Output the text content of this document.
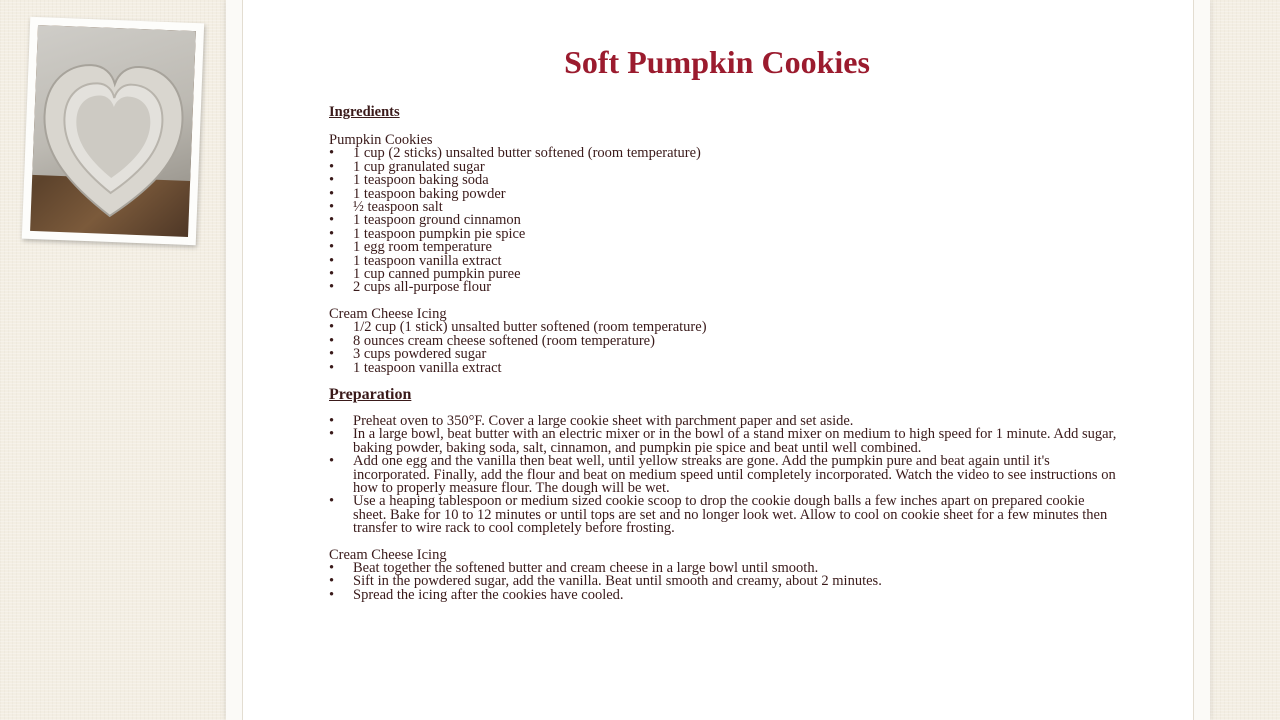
Soft Pumpkin Cookies
Ingredients
Pumpkin Cookies
• 1 cup (2 sticks) unsalted butter softened (room temperature)
• 1 cup granulated sugar
• 1 teaspoon baking soda
• 1 teaspoon baking powder
• ½ teaspoon salt
• 1 teaspoon ground cinnamon
• 1 teaspoon pumpkin pie spice
• 1 egg room temperature
• 1 teaspoon vanilla extract
• 1 cup canned pumpkin puree
• 2 cups all-purpose flour
Cream Cheese Icing
• 1/2 cup (1 stick) unsalted butter softened (room temperature)
• 8 ounces cream cheese softened (room temperature)
• 3 cups powdered sugar
• 1 teaspoon vanilla extract
Preparation
• Preheat oven to 350°F. Cover a large cookie sheet with parchment paper and set aside.
• In a large bowl, beat butter with an electric mixer or in the bowl of a stand mixer on medium to high speed for 1 minute. Add sugar, baking powder, baking soda, salt, cinnamon, and pumpkin pie spice and beat until well combined.
• Add one egg and the vanilla then beat well, until yellow streaks are gone. Add the pumpkin pure and beat again until it's incorporated. Finally, add the flour and beat on medium speed until completely incorporated. Watch the video to see instructions on how to properly measure flour. The dough will be wet.
• Use a heaping tablespoon or medium sized cookie scoop to drop the cookie dough balls a few inches apart on prepared cookie sheet. Bake for 10 to 12 minutes or until tops are set and no longer look wet. Allow to cool on cookie sheet for a few minutes then transfer to wire rack to cool completely before frosting.
Cream Cheese Icing
• Beat together the softened butter and cream cheese in a large bowl until smooth.
• Sift in the powdered sugar, add the vanilla. Beat until smooth and creamy, about 2 minutes.
• Spread the icing after the cookies have cooled.
